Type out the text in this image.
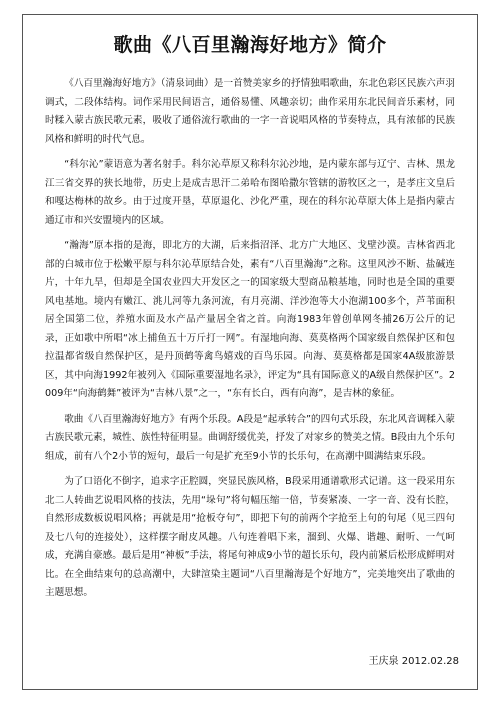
歌曲《八百里瀚海好地方》简介

《八百里瀚海好地方》（清泉词曲）是一首赞美家乡的抒情独唱歌曲，东北色彩区民族六声羽调式，二段体结构。词作采用民间语言，通俗易懂、风趣亲切；曲作采用东北民间音乐素材，同时糅入蒙古族民歌元素，吸收了通俗流行歌曲的一字一音说唱风格的节奏特点，具有浓郁的民族风格和鲜明的时代气息。

“科尔沁”蒙语意为著名射手。科尔沁草原又称科尔沁沙地，是内蒙东部与辽宁、吉林、黑龙江三省交界的狭长地带，历史上是成吉思汗二弟哈布图哈撒尔管辖的游牧区之一，是孝庄文皇后和嘎达梅林的故乡。由于过度开垦，草原退化、沙化严重，现在的科尔沁草原大体上是指内蒙古通辽市和兴安盟境内的区域。

“瀚海”原本指的是海，即北方的大湖，后来指沼泽、北方广大地区、戈壁沙漠。吉林省西北部的白城市位于松嫩平原与科尔沁草原结合处，素有“八百里瀚海”之称。这里风沙不断、盐碱连片，十年九旱，但却是全国农业四大开发区之一的国家级大型商品粮基地，同时也是全国的重要风电基地。境内有嫩江、洮儿河等九条河流，有月亮湖、洋沙泡等大小泡湖100多个，芦苇面积居全国第二位，养殖水面及水产品产量居全省之首。向海1983年曾创单网冬捕26万公斤的记录，正如歌中所唱“冰上捕鱼五十万斤打一网”。有湿地向海、莫莫格两个国家级自然保护区和包拉温都省级自然保护区，是丹顶鹤等禽鸟嬉戏的百鸟乐园。向海、莫莫格都是国家4A级旅游景区，其中向海1992年被列入《国际重要湿地名录》，评定为“具有国际意义的A级自然保护区”。2009年“向海鹤舞”被评为“吉林八景”之一，“东有长白，西有向海”，是吉林的象征。

歌曲《八百里瀚海好地方》有两个乐段。A段是“起承转合”的四句式乐段，东北风音调糅入蒙古族民歌元素，城性、族性特征明显。曲调舒缓优美，抒发了对家乡的赞美之情。B段由九个乐句组成，前有八个2小节的短句，最后一句是扩充至9小节的长乐句，在高潮中圆满结束乐段。

为了口语化不倒字，追求字正腔圆，突显民族风格，B段采用通谱歌形式记谱。这一段采用东北二人转曲艺说唱风格的技法，先用“垛句”将句幅压缩一倍，节奏紧凑、一字一音、没有长腔，自然形成数板说唱风格；再就是用“抢板夺句”，即把下句的前两个字抢至上句的句尾（见三四句及七八句的连接处），这样摆字耐皮风趣。八句连着唱下来，溜到、火爆、谐趣、耐听、一气呵成，充满自豪感。最后是用“神板”手法，将尾句神成9小节的超长乐句，段内前紧后松形成鲜明对比。在全曲结束句的总高潮中，大肆渲染主题词“八百里瀚海是个好地方”，完美地突出了歌曲的主题思想。

王庆泉 2012.02.28
